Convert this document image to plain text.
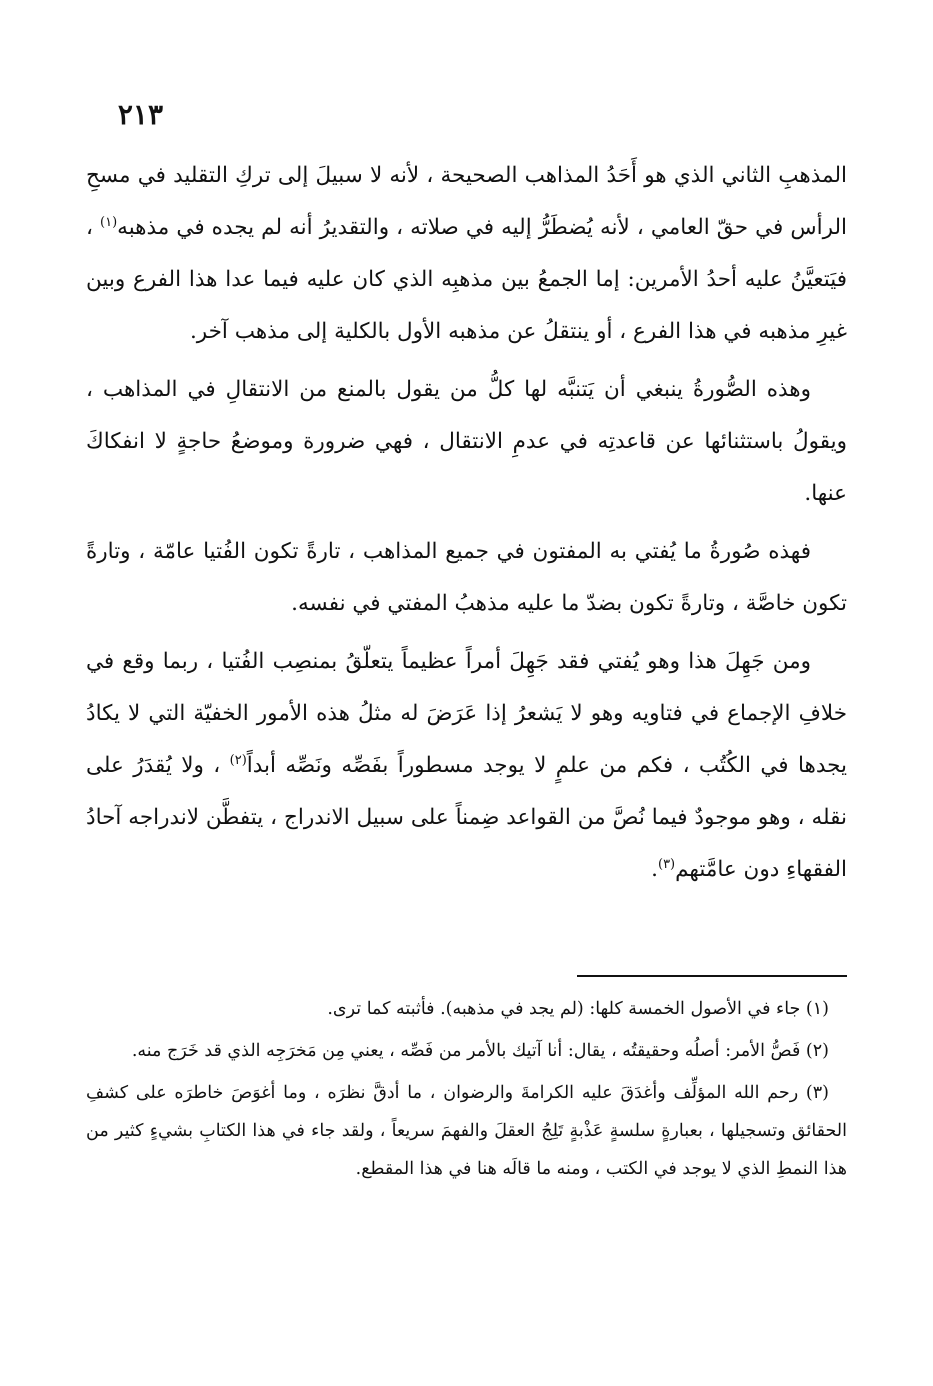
٢١٣

المذهبِ الثاني الذي هو أَحَدُ المذاهب الصحيحة ، لأنه لا سبيلَ إلى تركِ التقليد في مسحِ الرأس في حقّ العامي ، لأنه يُضطَرُّ إليه في صلاته ، والتقديرُ أنه لم يجده في مذهبه$^{(١)}$ ، فيَتعيَّنُ عليه أحدُ الأمرين: إما الجمعُ بين مذهبِه الذي كان عليه فيما عدا هذا الفرع وبين غيرِ مذهبه في هذا الفرع ، أو ينتقلُ عن مذهبه الأول بالكلية إلى مذهب آخر.

وهذه الصُّورةُ ينبغي أن يَتنبَّه لها كلُّ من يقول بالمنع من الانتقالِ في المذاهب ، ويقولُ باستثنائها عن قاعدتِه في عدمِ الانتقال ، فهي ضرورة وموضعُ حاجةٍ لا انفكاكَ عنها.

فهذه صُورةُ ما يُفتي به المفتون في جميع المذاهب ، تارةً تكون الفُتيا عامّة ، وتارةً تكون خاصَّة ، وتارةً تكون بضدّ ما عليه مذهبُ المفتي في نفسه.

ومن جَهِلَ هذا وهو يُفتي فقد جَهِلَ أمراً عظيماً يتعلّقُ بمنصِب الفُتيا ، ربما وقع في خلافِ الإجماع في فتاويه وهو لا يَشعرُ إذا عَرَضَ له مثلُ هذه الأمور الخفيّة التي لا يكادُ يجدها في الكُتُب ، فكم من علمٍ لا يوجد مسطوراً بفَصِّه ونَصِّه أبداً$^{(٢)}$ ، ولا يُقدَرُ على نقله ، وهو موجودٌ فيما نُصَّ من القواعد ضِمناً على سبيل الاندراج ، يتفطَّن لاندراجه آحادُ الفقهاءِ دون عامَّتهم$^{(٣)}$.

(١) جاء في الأصول الخمسة كلها: (لم يجد في مذهبه). فأثبته كما ترى.

(٢) فَصُّ الأمر: أصلُه وحقيقتُه ، يقال: أنا آتيك بالأمر من فَصِّه ، يعني مِن مَخرَجِه الذي قد خَرَج منه.

(٣) رحم الله المؤلِّف وأغدَقَ عليه الكرامةَ والرضوان ، ما أدقَّ نظرَه ، وما أغوَصَ خاطرَه على كشفِ الحقائق وتسجيلها ، بعبارةٍ سلسةٍ عَذْبةٍ تَلِجُ العقلَ والفهمَ سريعاً ، ولقد جاء في هذا الكتابِ بشيءٍ كثير من هذا النمطِ الذي لا يوجد في الكتب ، ومنه ما قالَه هنا في هذا المقطع.
